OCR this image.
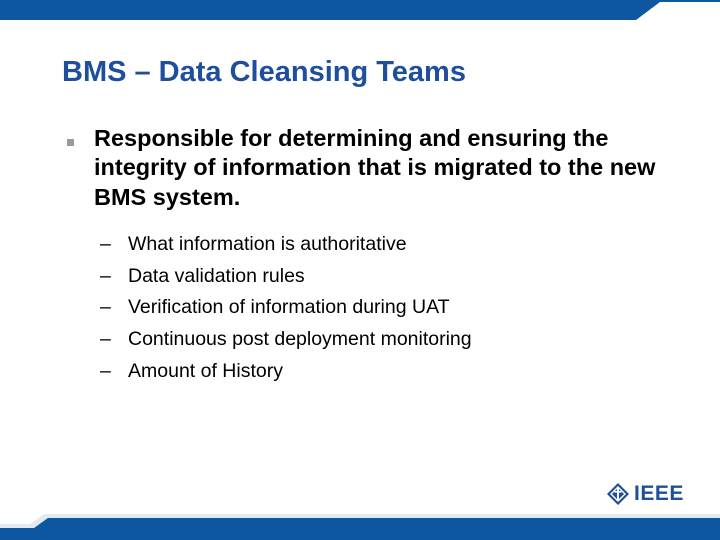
BMS – Data Cleansing Teams
Responsible for determining and ensuring the integrity of information that is migrated to the new BMS system.
– What information is authoritative
– Data validation rules
– Verification of information during UAT
– Continuous post deployment monitoring
– Amount of History
IEEE
